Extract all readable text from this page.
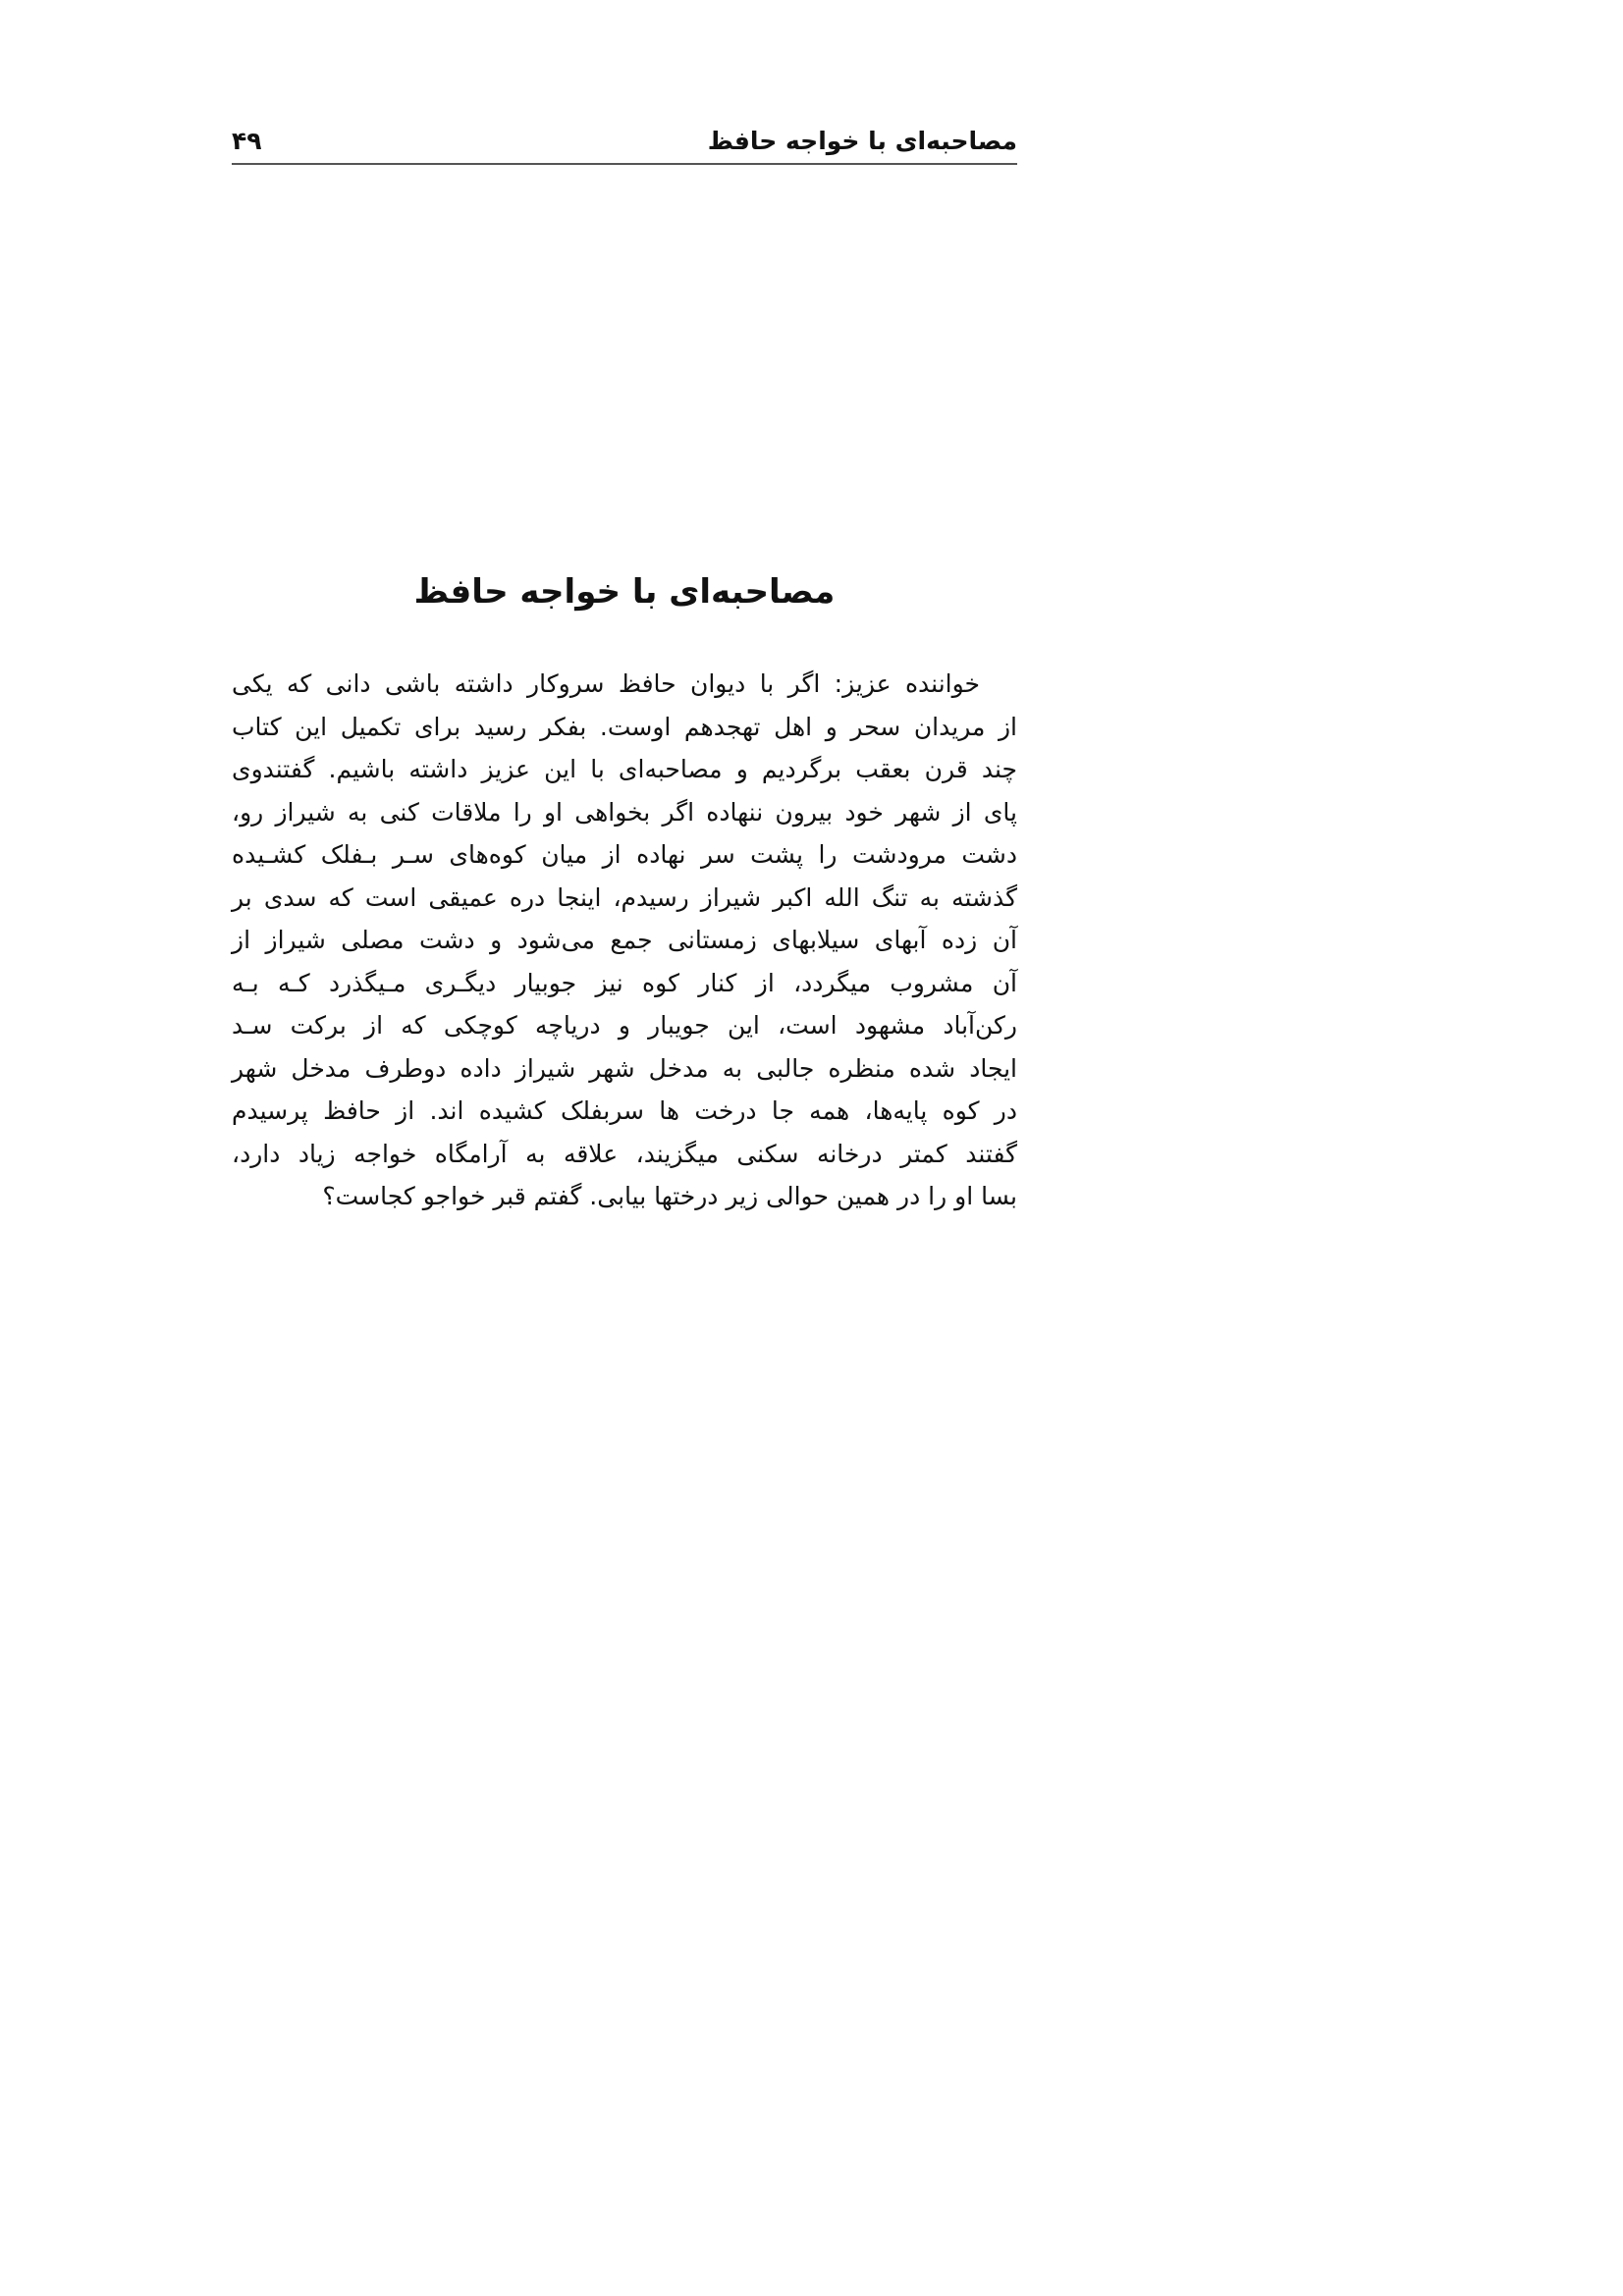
مصاحبه‌ای با خواجه حافظ
۴۹
مصاحبه‌ای با خواجه حافظ
خواننده عزیز: اگر با دیوان حافظ سروکار داشته باشی دانی که یکی
از مریدان سحر و اهل تهجدهم اوست. بفکر رسید برای تکمیل این کتاب
چند قرن بعقب برگردیم و مصاحبه‌ای با این عزیز داشته باشیم. گفتندوی
پای از شهر خود بیرون ننهاده اگر بخواهی او را ملاقات کنی به شیراز رو،
دشت مرودشت را پشت سر نهاده از میان کوه‌های سـر بـفلک کشـیده
گذشته به تنگ الله اکبر شیراز رسیدم، اینجا دره عمیقی است که سدی بر
آن زده آبهای سیلابهای زمستانی جمع می‌شود و دشت مصلی شیراز از
آن مشروب میگردد، از کنار کوه نیز جوبیار دیگـری مـیگذرد کـه بـه
رکن‌آباد مشهود است، این جویبار و دریاچه کوچکی که از برکت سـد
ایجاد شده منظره جالبی به مدخل شهر شیراز داده دوطرف مدخل شهر
در کوه پایه‌ها، همه جا درخت ها سربفلک کشیده اند. از حافظ پرسیدم
گفتند کمتر درخانه سکنی میگزیند، علاقه به آرامگاه خواجه زیاد دارد،
بسا او را در همین حوالی زیر درختها بیابی. گفتم قبر خواجو کجاست؟
